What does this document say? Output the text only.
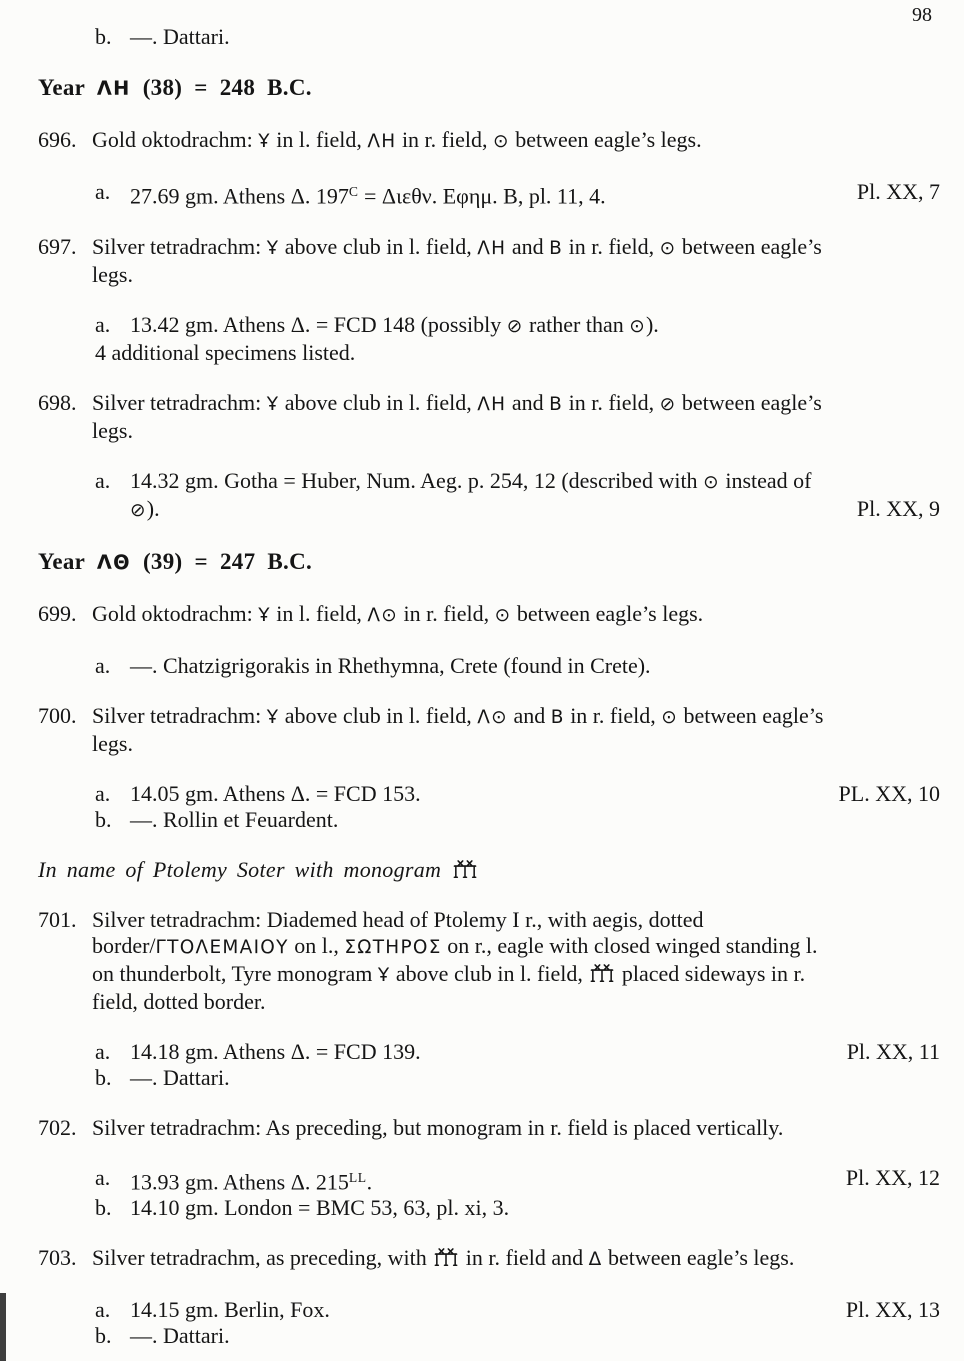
98
b. —. Dattari.
Year ΛΗ (38) = 248 B.C.
696. Gold oktodrachm: Ұ in l. field, ΛΗ in r. field, ⊙ between eagle’s legs.
a. 27.69 gm. Athens Δ. $197^C = \Delta\iota\varepsilon\theta\nu$. Εφημ. Β, pl. 11, 4.	Pl. XX, 7
697. Silver tetradrachm: Ұ above club in l. field, ΛΗ and Β in r. field, ⊙ between eagle’s
legs.
a. 13.42 gm. Athens Δ. = FCD 148 (possibly ⊘ rather than ⊙).
4 additional specimens listed.
698. Silver tetradrachm: Ұ above club in l. field, ΛΗ and Β in r. field, ⊘ between eagle’s
legs.
a. 14.32 gm. Gotha = Huber, Num. Aeg. p. 254, 12 (described with ⊙ instead of
⊘).	Pl. XX, 9
Year ΛΘ (39) = 247 B.C.
699. Gold oktodrachm: Ұ in l. field, Λ⊙ in r. field, ⊙ between eagle’s legs.
a. —. Chatzigrigorakis in Rhethymna, Crete (found in Crete).
700. Silver tetradrachm: Ұ above club in l. field, Λ⊙ and Β in r. field, ⊙ between eagle’s
legs.
a. 14.05 gm. Athens Δ. = FCD 153.	PL. XX, 10
b. —. Rollin et Feuardent.
In name of Ptolemy Soter with monogram
701. Silver tetradrachm: Diademed head of Ptolemy I r., with aegis, dotted
border/ΓΤΟΛΕΜΑΙΟΥ on l., ΣΩΤΗΡΟΣ on r., eagle with closed winged standing l.
on thunderbolt, Tyre monogram Ұ above club in l. field,  placed sideways in r.
field, dotted border.
a. 14.18 gm. Athens Δ. = FCD 139.	Pl. XX, 11
b. —. Dattari.
702. Silver tetradrachm: As preceding, but monogram in r. field is placed vertically.
a. 13.93 gm. Athens Δ. $215^{LL}$.	Pl. XX, 12
b. 14.10 gm. London = BMC 53, 63, pl. xi, 3.
703. Silver tetradrachm, as preceding, with  in r. field and Δ between eagle’s legs.
a. 14.15 gm. Berlin, Fox.	Pl. XX, 13
b. —. Dattari.
